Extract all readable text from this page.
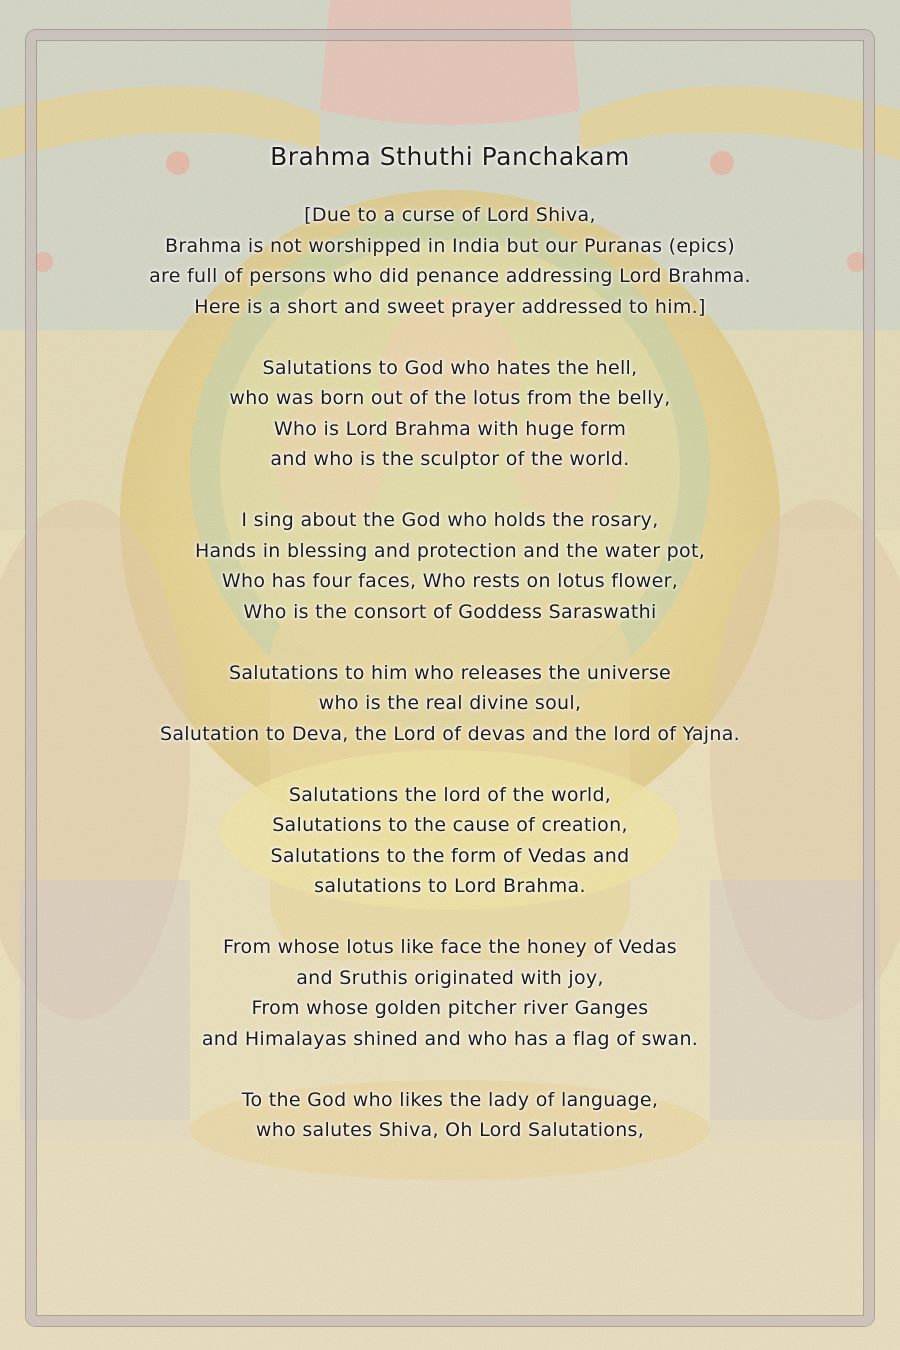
Brahma Sthuthi Panchakam
[Due to a curse of Lord Shiva,
Brahma is not worshipped in India but our Puranas (epics)
are full of persons who did penance addressing Lord Brahma.
Here is a short and sweet prayer addressed to him.]
Salutations to God who hates the hell,
who was born out of the lotus from the belly,
Who is Lord Brahma with huge form
and who is the sculptor of the world.
I sing about the God who holds the rosary,
Hands in blessing and protection and the water pot,
Who has four faces, Who rests on lotus flower,
Who is the consort of Goddess Saraswathi
Salutations to him who releases the universe
who is the real divine soul,
Salutation to Deva, the Lord of devas and the lord of Yajna.
Salutations the lord of the world,
Salutations to the cause of creation,
Salutations to the form of Vedas and
salutations to Lord Brahma.
From whose lotus like face the honey of Vedas
and Sruthis originated with joy,
From whose golden pitcher river Ganges
and Himalayas shined and who has a flag of swan.
To the God who likes the lady of language,
who salutes Shiva, Oh Lord Salutations,
